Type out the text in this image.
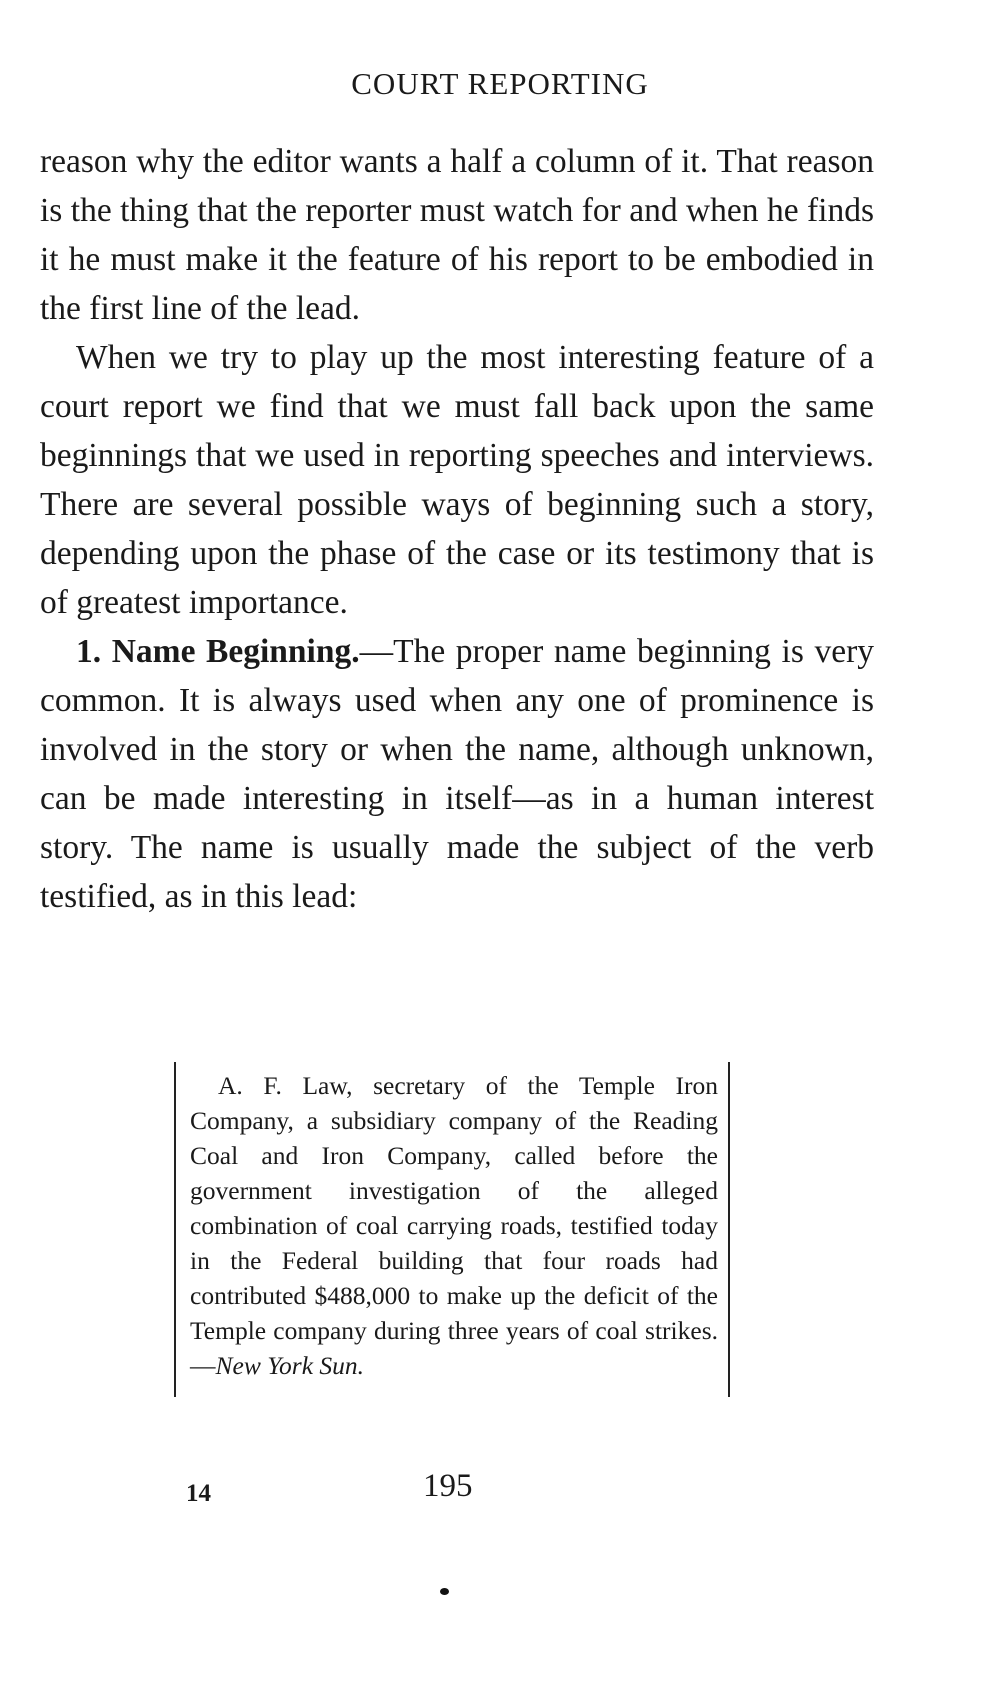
COURT REPORTING

reason why the editor wants a half a column of it. That reason is the thing that the reporter must watch for and when he finds it he must make it the feature of his report to be embodied in the first line of the lead.

When we try to play up the most interesting feature of a court report we find that we must fall back upon the same beginnings that we used in reporting speeches and interviews. There are several possible ways of beginning such a story, depending upon the phase of the case or its testimony that is of greatest importance.

1. Name Beginning.—The proper name beginning is very common. It is always used when any one of prominence is involved in the story or when the name, although unknown, can be made interesting in itself—as in a human interest story. The name is usually made the subject of the verb testified, as in this lead:

A. F. Law, secretary of the Temple Iron Company, a subsidiary company of the Reading Coal and Iron Company, called before the government investigation of the alleged combination of coal carrying roads, testified today in the Federal building that four roads had contributed $488,000 to make up the deficit of the Temple company during three years of coal strikes.—New York Sun.
14	195
